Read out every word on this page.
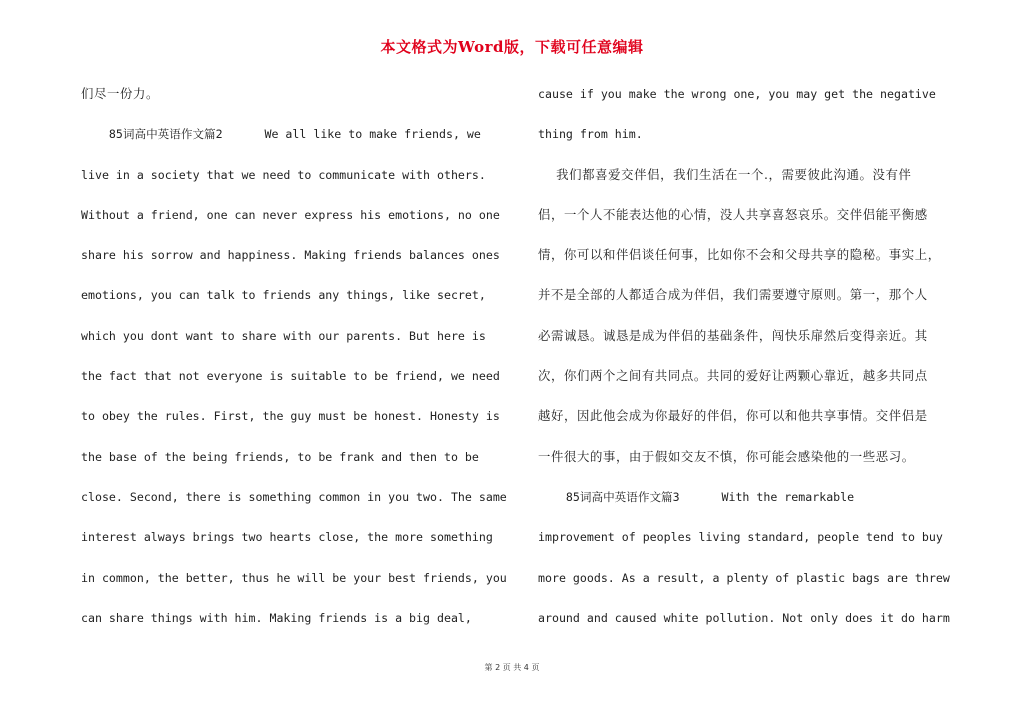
本文格式为Word版，下载可任意编辑
们尽一份力。
85词高中英语作文篇2      We all like to make friends, we
live in a society that we need to communicate with others.
Without a friend, one can never express his emotions, no one
share his sorrow and happiness. Making friends balances ones
emotions, you can talk to friends any things, like secret,
which you dont want to share with our parents. But here is
the fact that not everyone is suitable to be friend, we need
to obey the rules. First, the guy must be honest. Honesty is
the base of the being friends, to be frank and then to be
close. Second, there is something common in you two. The same
interest always brings two hearts close, the more something
in common, the better, thus he will be your best friends, you
can share things with him. Making friends is a big deal,
cause if you make the wrong one, you may get the negative
thing from him.
我们都喜爱交伴侣，我们生活在一个.，需要彼此沟通。没有伴
侣，一个人不能表达他的心情，没人共享喜怒哀乐。交伴侣能平衡感
情，你可以和伴侣谈任何事，比如你不会和父母共享的隐秘。事实上，
并不是全部的人都适合成为伴侣，我们需要遵守原则。第一，那个人
必需诚恳。诚恳是成为伴侣的基础条件，闯快乐扉然后变得亲近。其
次，你们两个之间有共同点。共同的爱好让两颗心靠近，越多共同点
越好，因此他会成为你最好的伴侣，你可以和他共享事情。交伴侣是
一件很大的事，由于假如交友不慎，你可能会感染他的一些恶习。
85词高中英语作文篇3      With the remarkable
improvement of peoples living standard, people tend to buy
more goods. As a result, a plenty of plastic bags are threw
around and caused white pollution. Not only does it do harm
第 2 页 共 4 页
